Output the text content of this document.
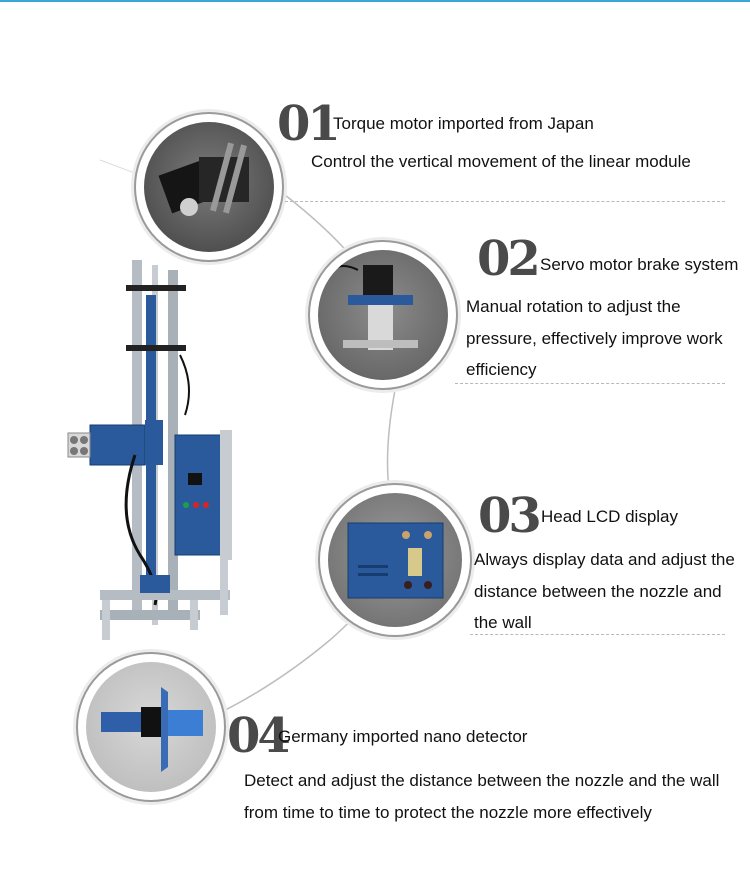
01
Torque motor imported from Japan
Control the vertical movement of the linear module
02 Servo motor brake system
Manual rotation to adjust the pressure, effectively improve work efficiency
03 Head LCD display
Always display data and adjust the distance between the nozzle and the wall
04
Germany imported nano detector
Detect and adjust the distance between the nozzle and the wall from time to time to protect the nozzle more effectively
